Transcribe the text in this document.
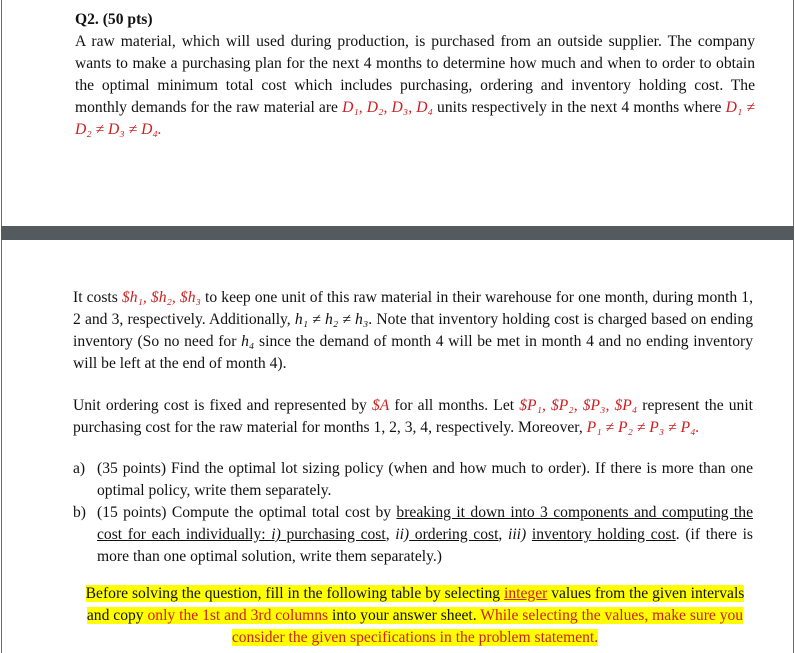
Q2. (50 pts)
A raw material, which will used during production, is purchased from an outside supplier. The company wants to make a purchasing plan for the next 4 months to determine how much and when to order to obtain the optimal minimum total cost which includes purchasing, ordering and inventory holding cost. The monthly demands for the raw material are D₁, D₂, D₃, D₄ units respectively in the next 4 months where D₁ ≠ D₂ ≠ D₃ ≠ D₄.
It costs $h₁, $h₂, $h₃ to keep one unit of this raw material in their warehouse for one month, during month 1, 2 and 3, respectively. Additionally, h₁ ≠ h₂ ≠ h₃. Note that inventory holding cost is charged based on ending inventory (So no need for h₄ since the demand of month 4 will be met in month 4 and no ending inventory will be left at the end of month 4).
Unit ordering cost is fixed and represented by $A for all months. Let $P₁, $P₂, $P₃, $P₄ represent the unit purchasing cost for the raw material for months 1, 2, 3, 4, respectively. Moreover, P₁ ≠ P₂ ≠ P₃ ≠ P₄.
a) (35 points) Find the optimal lot sizing policy (when and how much to order). If there is more than one optimal policy, write them separately.
b) (15 points) Compute the optimal total cost by breaking it down into 3 components and computing the cost for each individually: i) purchasing cost, ii) ordering cost, iii) inventory holding cost. (if there is more than one optimal solution, write them separately.)
Before solving the question, fill in the following table by selecting integer values from the given intervals and copy only the 1st and 3rd columns into your answer sheet. While selecting the values, make sure you consider the given specifications in the problem statement.
